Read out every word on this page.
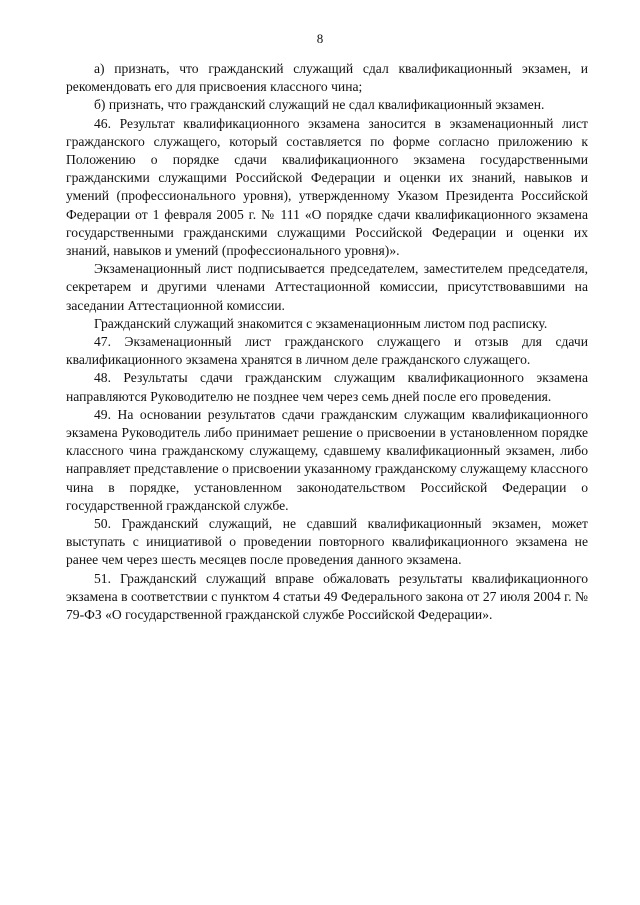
8

а) признать, что гражданский служащий сдал квалификационный экзамен, и рекомендовать его для присвоения классного чина;

б) признать, что гражданский служащий не сдал квалификационный экзамен.

46. Результат квалификационного экзамена заносится в экзаменационный лист гражданского служащего, который составляется по форме согласно приложению к Положению о порядке сдачи квалификационного экзамена государственными гражданскими служащими Российской Федерации и оценки их знаний, навыков и умений (профессионального уровня), утвержденному Указом Президента Российской Федерации от 1 февраля 2005 г. № 111 «О порядке сдачи квалификационного экзамена государственными гражданскими служащими Российской Федерации и оценки их знаний, навыков и умений (профессионального уровня)».

Экзаменационный лист подписывается председателем, заместителем председателя, секретарем и другими членами Аттестационной комиссии, присутствовавшими на заседании Аттестационной комиссии.

Гражданский служащий знакомится с экзаменационным листом под расписку.

47. Экзаменационный лист гражданского служащего и отзыв для сдачи квалификационного экзамена хранятся в личном деле гражданского служащего.

48. Результаты сдачи гражданским служащим квалификационного экзамена направляются Руководителю не позднее чем через семь дней после его проведения.

49. На основании результатов сдачи гражданским служащим квалификационного экзамена Руководитель либо принимает решение о присвоении в установленном порядке классного чина гражданскому служащему, сдавшему квалификационный экзамен, либо направляет представление о присвоении указанному гражданскому служащему классного чина в порядке, установленном законодательством Российской Федерации о государственной гражданской службе.

50. Гражданский служащий, не сдавший квалификационный экзамен, может выступать с инициативой о проведении повторного квалификационного экзамена не ранее чем через шесть месяцев после проведения данного экзамена.

51. Гражданский служащий вправе обжаловать результаты квалификационного экзамена в соответствии с пунктом 4 статьи 49 Федерального закона от 27 июля 2004 г. № 79-ФЗ «О государственной гражданской службе Российской Федерации».
